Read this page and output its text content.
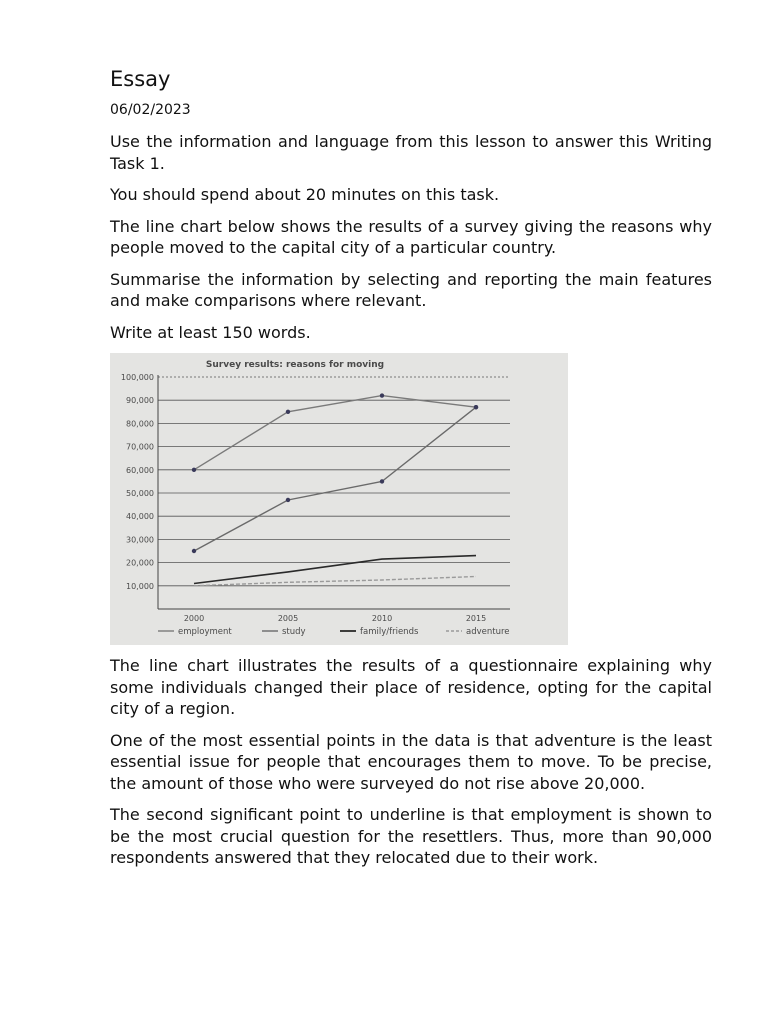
Essay
06/02/2023

Use the information and language from this lesson to answer this Writing Task 1.

You should spend about 20 minutes on this task.

The line chart below shows the results of a survey giving the reasons why people moved to the capital city of a particular country.

Summarise the information by selecting and reporting the main features and make comparisons where relevant.

Write at least 150 words.

Survey results: reasons for moving
10,000
20,000
30,000
40,000
50,000
60,000
70,000
80,000
90,000
100,000
2000	2005	2010	2015
employment	study	family/friends	adventure

The line chart illustrates the results of a questionnaire explaining why some individuals changed their place of residence, opting for the capital city of a region.

One of the most essential points in the data is that adventure is the least essential issue for people that encourages them to move. To be precise, the amount of those who were surveyed do not rise above 20,000.

The second significant point to underline is that employment is shown to be the most crucial question for the resettlers. Thus, more than 90,000 respondents answered that they relocated due to their work.
